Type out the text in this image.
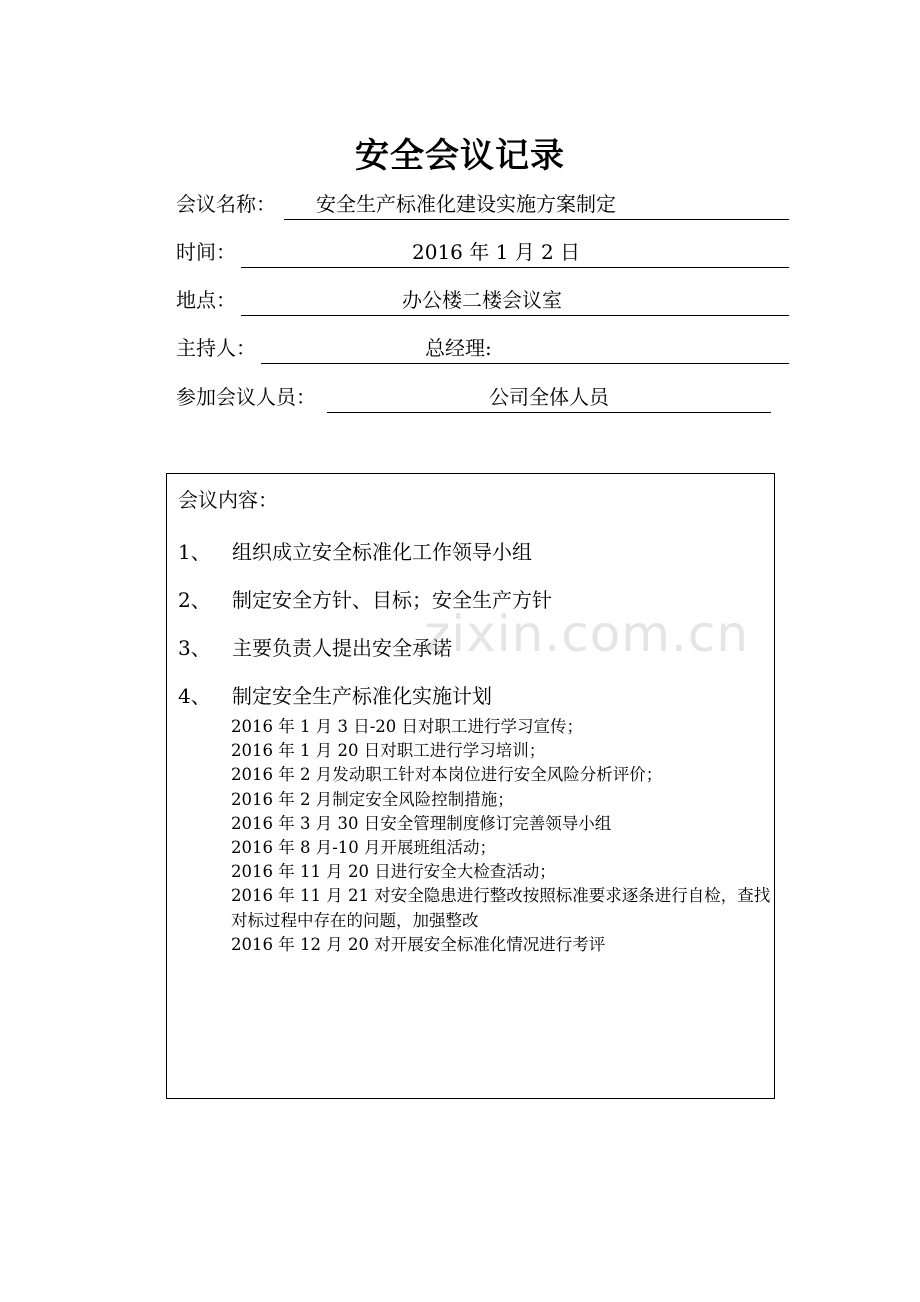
安全会议记录
会议名称： 安全生产标准化建设实施方案制定
时间：	2016 年 1 月 2 日
地点：	办公楼二楼会议室
主持人：	总经理:
参加会议人员：	公司全体人员
会议内容：
1、 组织成立安全标准化工作领导小组
2、 制定安全方针、目标；安全生产方针
3、 主要负责人提出安全承诺
4、 制定安全生产标准化实施计划
2016 年 1 月 3 日-20 日对职工进行学习宣传；
2016 年 1 月 20 日对职工进行学习培训；
2016 年 2 月发动职工针对本岗位进行安全风险分析评价；
2016 年 2 月制定安全风险控制措施；
2016 年 3 月 30 日安全管理制度修订完善领导小组
2016 年 8 月-10 月开展班组活动；
2016 年 11 月 20 日进行安全大检查活动；
2016 年 11 月 21 对安全隐患进行整改按照标准要求逐条进行自检，查找对标过程中存在的问题，加强整改
2016 年 12 月 20 对开展安全标准化情况进行考评
zixin.com.cn
